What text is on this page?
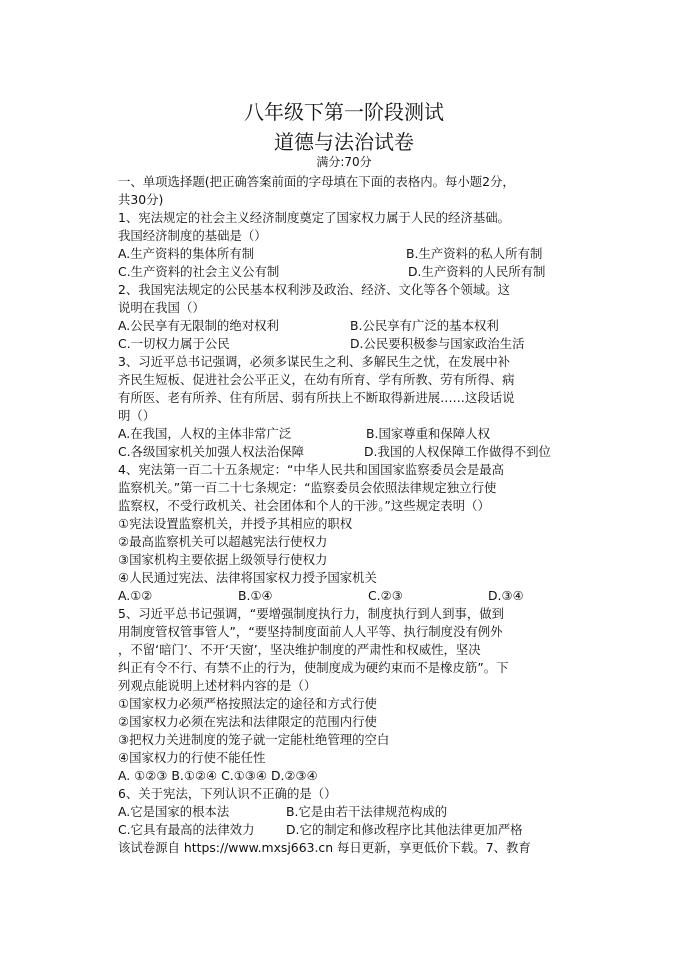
八年级下第一阶段测试
道德与法治试卷
满分:70分
一、单项选择题(把正确答案前面的字母填在下面的表格内。每小题2分，
共30分)
1、宪法规定的社会主义经济制度奠定了国家权力属于人民的经济基础。
我国经济制度的基础是（）
A.生产资料的集体所有制	B.生产资料的私人所有制
C.生产资料的社会主义公有制	D.生产资料的人民所有制
2、我国宪法规定的公民基本权利涉及政治、经济、文化等各个领域。这
说明在我国（）
A.公民享有无限制的绝对权利	B.公民享有广泛的基本权利
C.一切权力属于公民	D.公民要积极参与国家政治生活
3、习近平总书记强调，必须多谋民生之利、多解民生之忧，在发展中补
齐民生短板、促进社会公平正义，在幼有所育、学有所教、劳有所得、病
有所医、老有所养、住有所居、弱有所扶上不断取得新进展……这段话说
明（）
A.在我国，人权的主体非常广泛	B.国家尊重和保障人权
C.各级国家机关加强人权法治保障	D.我国的人权保障工作做得不到位
4、宪法第一百二十五条规定：“中华人民共和国国家监察委员会是最高
监察机关。”第一百二十七条规定：“监察委员会依照法律规定独立行使
监察权，不受行政机关、社会团体和个人的干涉。”这些规定表明（）
①宪法设置监察机关，并授予其相应的职权
②最高监察机关可以超越宪法行使权力
③国家机构主要依据上级领导行使权力
④人民通过宪法、法律将国家权力授予国家机关
A.①②	B.①④	C.②③	D.③④
5、习近平总书记强调，“要增强制度执行力，制度执行到人到事，做到
用制度管权管事管人”，“要坚持制度面前人人平等、执行制度没有例外
，不留‘暗门’、不开‘天窗’，坚决维护制度的严肃性和权威性，坚决
纠正有令不行、有禁不止的行为，使制度成为硬约束而不是橡皮筋”。下
列观点能说明上述材料内容的是（）
①国家权力必须严格按照法定的途径和方式行使
②国家权力必须在宪法和法律限定的范围内行使
③把权力关进制度的笼子就一定能杜绝管理的空白
④国家权力的行使不能任性
A. ①②③ B.①②④ C.①③④ D.②③④
6、关于宪法，下列认识不正确的是（）
A.它是国家的根本法	B.它是由若干法律规范构成的
C.它具有最高的法律效力	D.它的制定和修改程序比其他法律更加严格
该试卷源自 https://www.mxsj663.cn 每日更新，享更低价下载。7、教育
